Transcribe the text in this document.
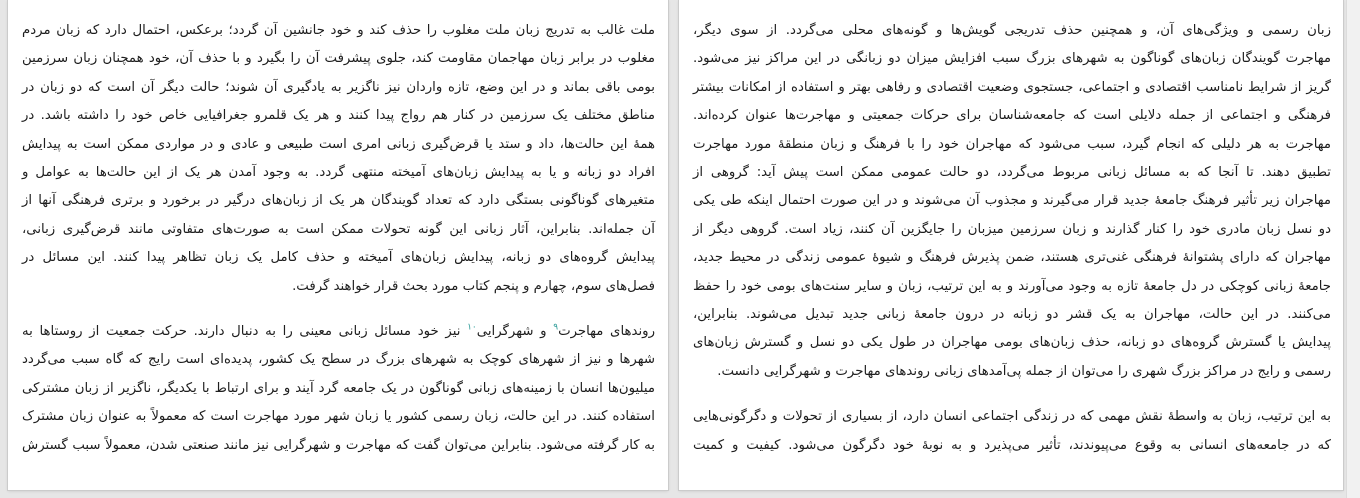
ملت غالب به تدریج زبان ملت مغلوب را حذف کند و خود جانشین آن گردد؛ برعکس، احتمال دارد که زبان مردم
مغلوب در برابر زبان مهاجمان مقاومت کند، جلوی پیشرفت آن را بگیرد و با حذف آن، خود همچنان زبان سرزمین
بومی باقی بماند و در این وضع، تازه واردان نیز ناگزیر به یادگیری آن شوند؛ حالت دیگر آن است که دو زبان در
مناطق مختلف یک سرزمین در کنار هم رواج پیدا کنند و هر یک قلمرو جغرافیایی خاص خود را داشته باشد. در
همهٔ این حالت‌ها، داد و ستد یا قرض‌گیری زبانی امری است طبیعی و عادی و در مواردی ممکن است به پیدایش
افراد دو زبانه و یا به پیدایش زبان‌های آمیخته منتهی گردد. به وجود آمدن هر یک از این حالت‌ها به عوامل و
متغیرهای گوناگونی بستگی دارد که تعداد گویندگان هر یک از زبان‌های درگیر در برخورد و برتری فرهنگی آنها از
آن جمله‌اند. بنابراین، آثار زبانی این گونه تحولات ممکن است به صورت‌های متفاوتی مانند قرض‌گیری زبانی،
پیدایش گروه‌های دو زبانه، پیدایش زبان‌های آمیخته و حذف کامل یک زبان تظاهر پیدا کنند. این مسائل در
فصل‌های سوم، چهارم و پنجم کتاب مورد بحث قرار خواهند گرفت.
روندهای مهاجرت$^۹$ و شهرگرایی$^{۱۰}$ نیز خود مسائل زبانی معینی را به دنبال دارند. حرکت جمعیت از روستاها به
شهرها و نیز از شهرهای کوچک به شهرهای بزرگ در سطح یک کشور، پدیده‌ای است رایج که گاه سبب می‌گردد
میلیون‌ها انسان با زمینه‌های زبانی گوناگون در یک جامعه گرد آیند و برای ارتباط با یکدیگر، ناگزیر از زبان مشترکی
استفاده کنند. در این حالت، زبان رسمی کشور یا زبان شهر مورد مهاجرت است که معمولاً به عنوان زبان مشترک
به کار گرفته می‌شود. بنابراین می‌توان گفت که مهاجرت و شهرگرایی نیز مانند صنعتی شدن، معمولاً سبب گسترش
زبان رسمی و ویژگی‌های آن، و همچنین حذف تدریجی گویش‌ها و گونه‌های محلی می‌گردد. از سوی دیگر،
مهاجرت گویندگان زبان‌های گوناگون به شهرهای بزرگ سبب افزایش میزان دو زبانگی در این مراکز نیز می‌شود.
گریز از شرایط نامناسب اقتصادی و اجتماعی، جستجوی وضعیت اقتصادی و رفاهی بهتر و استفاده از امکانات بیشتر
فرهنگی و اجتماعی از جمله دلایلی است که جامعه‌شناسان برای حرکات جمعیتی و مهاجرت‌ها عنوان کرده‌اند.
مهاجرت به هر دلیلی که انجام گیرد، سبب می‌شود که مهاجران خود را با فرهنگ و زبان منطقهٔ مورد مهاجرت
تطبیق دهند. تا آنجا که به مسائل زبانی مربوط می‌گردد، دو حالت عمومی ممکن است پیش آید: گروهی از
مهاجران زیر تأثیر فرهنگ جامعهٔ جدید قرار می‌گیرند و مجذوب آن می‌شوند و در این صورت احتمال اینکه طی یکی
دو نسل زبان مادری خود را کنار گذارند و زبان سرزمین میزبان را جایگزین آن کنند، زیاد است. گروهی دیگر از
مهاجران که دارای پشتوانهٔ فرهنگی غنی‌تری هستند، ضمن پذیرش فرهنگ و شیوهٔ عمومی زندگی در محیط جدید،
جامعهٔ زبانی کوچکی در دل جامعهٔ تازه به وجود می‌آورند و به این ترتیب، زبان و سایر سنت‌های بومی خود را حفظ
می‌کنند. در این حالت، مهاجران به یک قشر دو زبانه در درون جامعهٔ زبانی جدید تبدیل می‌شوند. بنابراین،
پیدایش یا گسترش گروه‌های دو زبانه، حذف زبان‌های بومی مهاجران در طول یکی دو نسل و گسترش زبان‌های
رسمی و رایج در مراکز بزرگ شهری را می‌توان از جمله پی‌آمدهای زبانی روندهای مهاجرت و شهرگرایی دانست.
به این ترتیب، زبان به واسطهٔ نقش مهمی که در زندگی اجتماعی انسان دارد، از بسیاری از تحولات و دگرگونی‌هایی
که در جامعه‌های انسانی به وقوع می‌پیوندند، تأثیر می‌پذیرد و به نوبهٔ خود دگرگون می‌شود. کیفیت و کمیت
